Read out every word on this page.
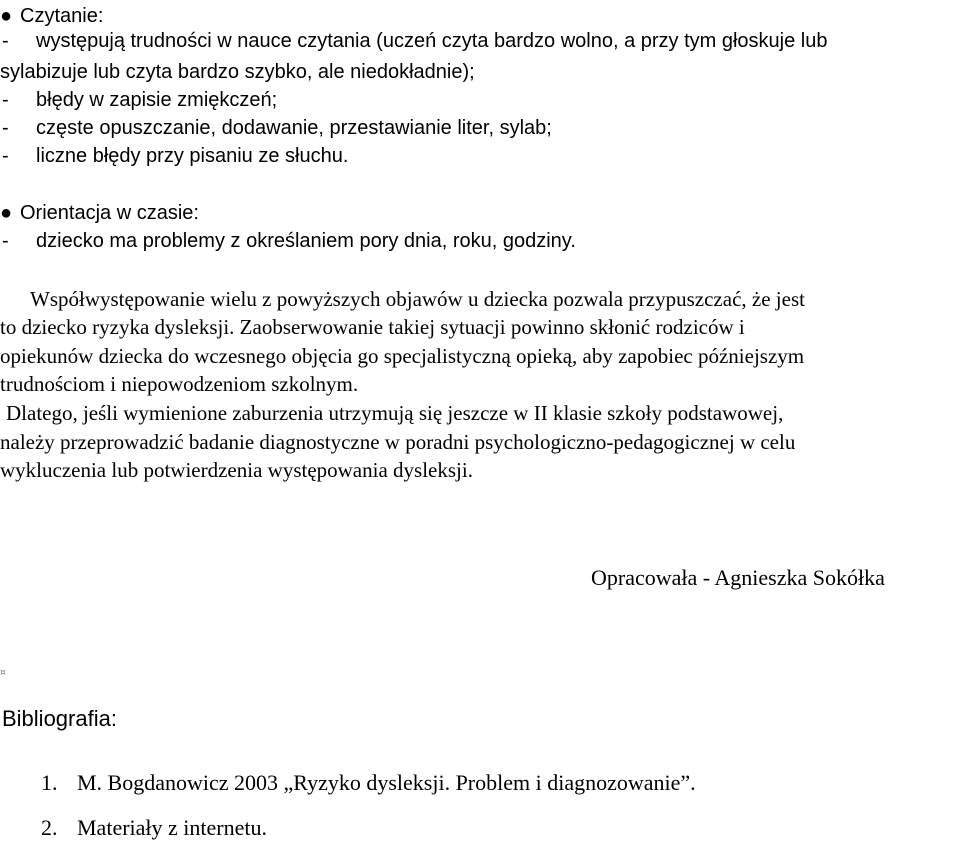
● Czytanie:
- występują trudności w nauce czytania (uczeń czyta bardzo wolno, a przy tym głoskuje lub
sylabizuje lub czyta bardzo szybko, ale niedokładnie);
- błędy w zapisie zmiękczeń;
- częste opuszczanie, dodawanie, przestawianie liter, sylab;
- liczne błędy przy pisaniu ze słuchu.
● Orientacja w czasie:
- dziecko ma problemy z określaniem pory dnia, roku, godziny.
Współwystępowanie wielu z powyższych objawów u dziecka pozwala przypuszczać, że jest
to dziecko ryzyka dysleksji. Zaobserwowanie takiej sytuacji powinno skłonić rodziców i
opiekunów dziecka do wczesnego objęcia go specjalistyczną opieką, aby zapobiec późniejszym
trudnościom i niepowodzeniom szkolnym.
Dlatego, jeśli wymienione zaburzenia utrzymują się jeszcze w II klasie szkoły podstawowej,
należy przeprowadzić badanie diagnostyczne w poradni psychologiczno-pedagogicznej w celu
wykluczenia lub potwierdzenia występowania dysleksji.
Opracowała - Agnieszka Sokółka
¤
Bibliografia:
1. M. Bogdanowicz 2003 „Ryzyko dysleksji. Problem i diagnozowanie”.
2. Materiały z internetu.
